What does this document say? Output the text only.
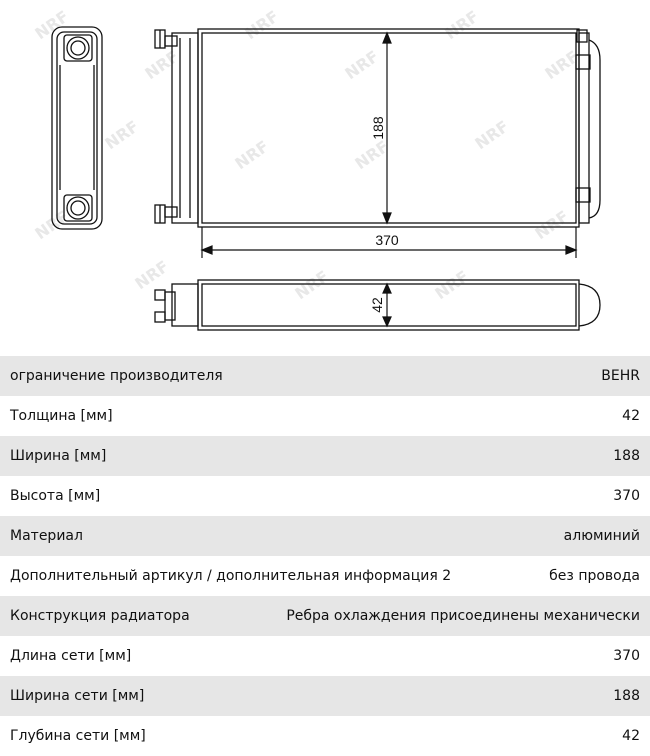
NRF
NRF
NRF
NRF
NRF
NRF
NRF
NRF	NRF
NRF
NRF
NRF	NRF	NRF
NRF
188
370
42
ограничение производителя	BEHR
Толщина [мм]	42
Ширина [мм]	188
Высота [мм]	370
Материал	алюминий
Дополнительный артикул / дополнительная информация 2	без провода
Конструкция радиатора	Ребра охлаждения присоединены механически
Длина сети [мм]	370
Ширина сети [мм]	188
Глубина сети [мм]	42
